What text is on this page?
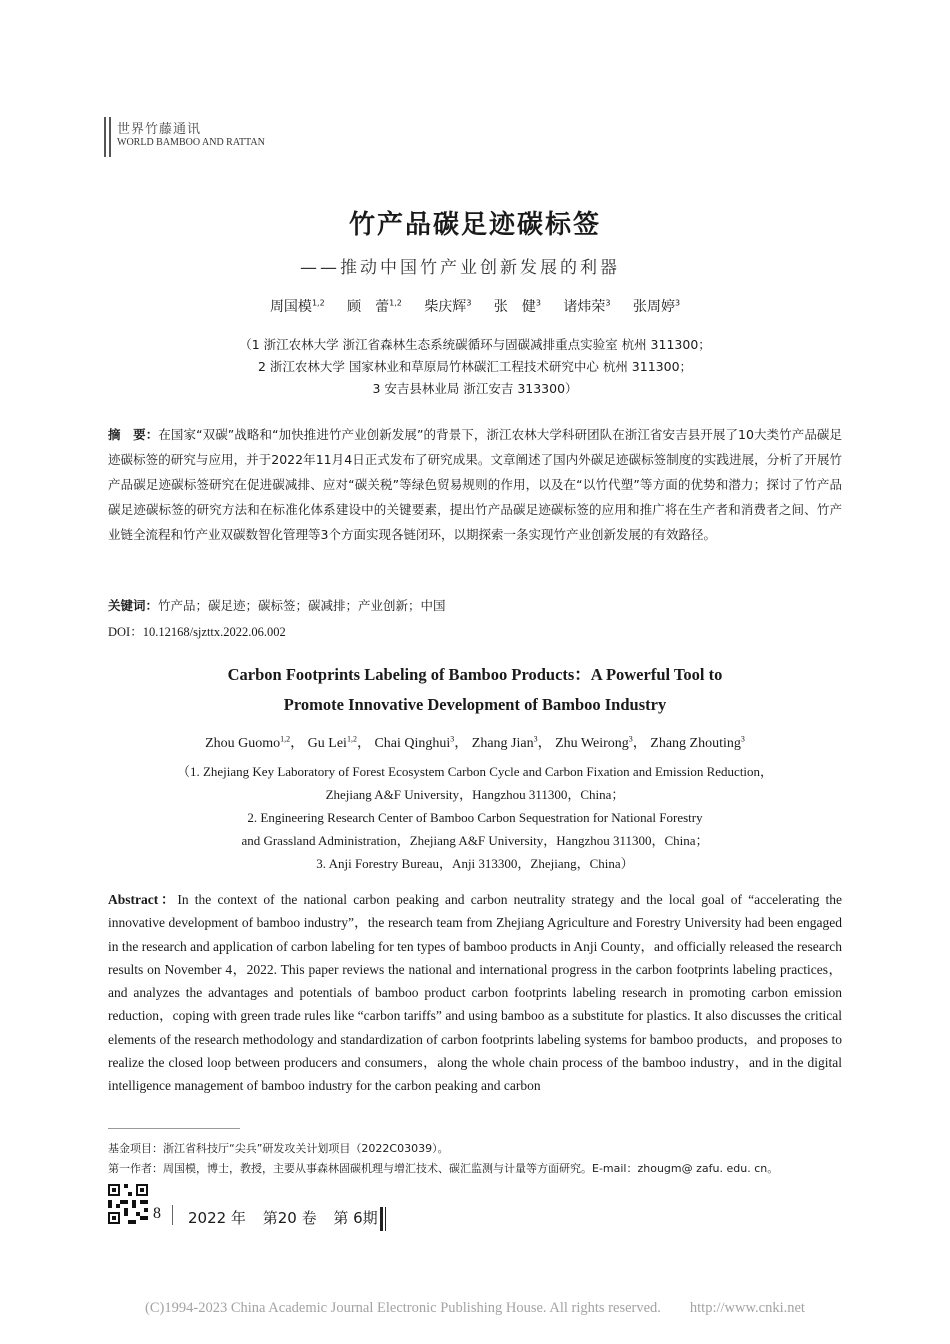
世界竹藤通讯
WORLD BAMBOO AND RATTAN
竹产品碳足迹碳标签
——推动中国竹产业创新发展的利器
周国模$^{1,2}$ 顾　蕾$^{1,2}$ 柴庆辉$^3$ 张　健$^3$ 诸炜荣$^3$ 张周婷$^3$
（1 浙江农林大学 浙江省森林生态系统碳循环与固碳减排重点实验室 杭州 311300；
2 浙江农林大学 国家林业和草原局竹林碳汇工程技术研究中心 杭州 311300；
3 安吉县林业局 浙江安吉 313300）
摘　要：在国家“双碳”战略和“加快推进竹产业创新发展”的背景下，浙江农林大学科研团队在浙江省安吉县开展了10大类竹产品碳足迹碳标签的研究与应用，并于2022年11月4日正式发布了研究成果。文章阐述了国内外碳足迹碳标签制度的实践进展，分析了开展竹产品碳足迹碳标签研究在促进碳减排、应对“碳关税”等绿色贸易规则的作用，以及在“以竹代塑”等方面的优势和潜力；探讨了竹产品碳足迹碳标签的研究方法和在标准化体系建设中的关键要素，提出竹产品碳足迹碳标签的应用和推广将在生产者和消费者之间、竹产业链全流程和竹产业双碳数智化管理等3个方面实现各链闭环，以期探索一条实现竹产业创新发展的有效路径。
关键词：竹产品；碳足迹；碳标签；碳减排；产业创新；中国
DOI：10.12168/sjzttx.2022.06.002
Carbon Footprints Labeling of Bamboo Products：A Powerful Tool to
Promote Innovative Development of Bamboo Industry
Zhou Guomo$^{1,2}$， Gu Lei$^{1,2}$， Chai Qinghui$^3$， Zhang Jian$^3$， Zhu Weirong$^3$， Zhang Zhouting$^3$
（1. Zhejiang Key Laboratory of Forest Ecosystem Carbon Cycle and Carbon Fixation and Emission Reduction，
Zhejiang A&F University，Hangzhou 311300，China；
2. Engineering Research Center of Bamboo Carbon Sequestration for National Forestry
and Grassland Administration，Zhejiang A&F University，Hangzhou 311300，China；
3. Anji Forestry Bureau，Anji 313300，Zhejiang，China）
Abstract：In the context of the national carbon peaking and carbon neutrality strategy and the local goal of “accelerating the innovative development of bamboo industry”，the research team from Zhejiang Agriculture and Forestry University had been engaged in the research and application of carbon labeling for ten types of bamboo products in Anji County，and officially released the research results on November 4，2022. This paper reviews the national and international progress in the carbon footprints labeling practices，and analyzes the advantages and potentials of bamboo product carbon footprints labeling research in promoting carbon emission reduction，coping with green trade rules like “carbon tariffs” and using bamboo as a substitute for plastics. It also discusses the critical elements of the research methodology and standardization of carbon footprints labeling systems for bamboo products，and proposes to realize the closed loop between producers and consumers，along the whole chain process of the bamboo industry，and in the digital intelligence management of bamboo industry for the carbon peaking and carbon
基金项目：浙江省科技厅“尖兵”研发攻关计划项目（2022C03039）。
第一作者：周国模，博士，教授，主要从事森林固碳机理与增汇技术、碳汇监测与计量等方面研究。E-mail：zhougm@ zafu. edu. cn。
8 2022 年 第20 卷 第 6期
(C)1994-2023 China Academic Journal Electronic Publishing House. All rights reserved.　　http://www.cnki.net
